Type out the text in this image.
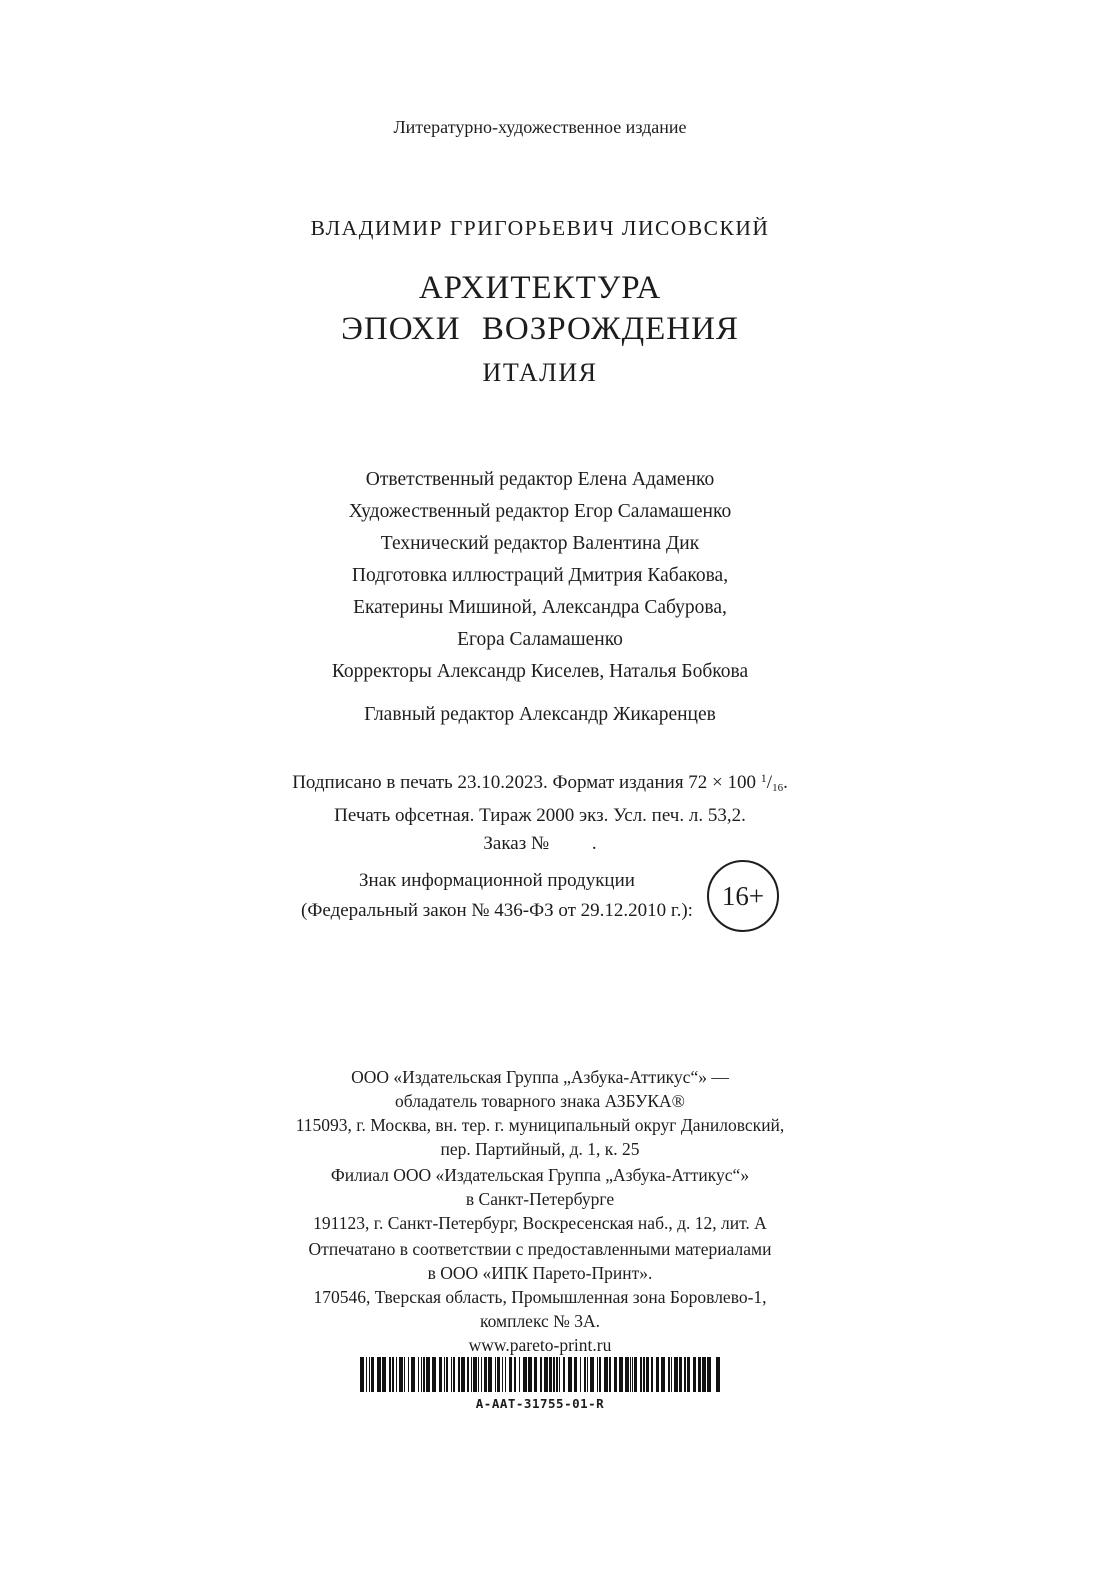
Литературно-художественное издание
ВЛАДИМИР ГРИГОРЬЕВИЧ ЛИСОВСКИЙ
АРХИТЕКТУРА
ЭПОХИ ВОЗРОЖДЕНИЯ
ИТАЛИЯ
Ответственный редактор Елена Адаменко
Художественный редактор Егор Саламашенко
Технический редактор Валентина Дик
Подготовка иллюстраций Дмитрия Кабакова,
Екатерины Мишиной, Александра Сабурова,
Егора Саламашенко
Корректоры Александр Киселев, Наталья Бобкова
Главный редактор Александр Жикаренцев
Подписано в печать 23.10.2023. Формат издания 72 × 100 $^1/_{16}$.
Печать офсетная. Тираж 2000 экз. Усл. печ. л. 53,2.
Заказ №         .
Знак информационной продукции
(Федеральный закон № 436-ФЗ от 29.12.2010 г.):	16+
ООО «Издательская Группа „Азбука-Аттикус“» —
обладатель товарного знака АЗБУКА®
115093, г. Москва, вн. тер. г. муниципальный округ Даниловский,
пер. Партийный, д. 1, к. 25
Филиал ООО «Издательская Группа „Азбука-Аттикус“»
в Санкт-Петербурге
191123, г. Санкт-Петербург, Воскресенская наб., д. 12, лит. А
Отпечатано в соответствии с предоставленными материалами
в ООО «ИПК Парето-Принт».
170546, Тверская область, Промышленная зона Боровлево-1,
комплекс № 3А.
www.pareto-print.ru
A-AAT-31755-01-R
